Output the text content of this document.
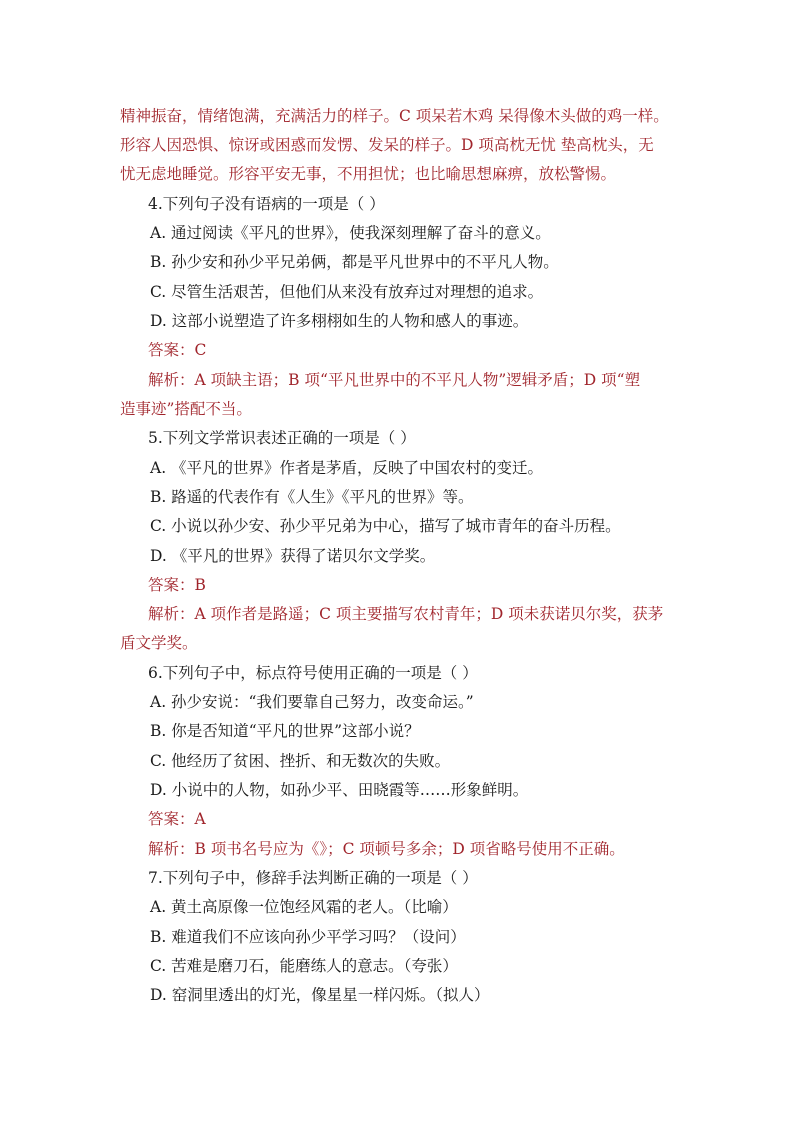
精神振奋，情绪饱满，充满活力的样子。C 项呆若木鸡 呆得像木头做的鸡一样。
形容人因恐惧、惊讶或困惑而发愣、发呆的样子。D 项高枕无忧 垫高枕头，无
忧无虑地睡觉。形容平安无事，不用担忧；也比喻思想麻痹，放松警惕。
4.下列句子没有语病的一项是（ ）
A. 通过阅读《平凡的世界》，使我深刻理解了奋斗的意义。
B. 孙少安和孙少平兄弟俩，都是平凡世界中的不平凡人物。
C. 尽管生活艰苦，但他们从来没有放弃过对理想的追求。
D. 这部小说塑造了许多栩栩如生的人物和感人的事迹。
答案：C
解析：A 项缺主语；B 项“平凡世界中的不平凡人物”逻辑矛盾；D 项“塑
造事迹”搭配不当。
5.下列文学常识表述正确的一项是（ ）
A. 《平凡的世界》作者是茅盾，反映了中国农村的变迁。
B. 路遥的代表作有《人生》《平凡的世界》等。
C. 小说以孙少安、孙少平兄弟为中心，描写了城市青年的奋斗历程。
D. 《平凡的世界》获得了诺贝尔文学奖。
答案：B
解析：A 项作者是路遥；C 项主要描写农村青年；D 项未获诺贝尔奖，获茅
盾文学奖。
6.下列句子中，标点符号使用正确的一项是（ ）
A. 孙少安说：“我们要靠自己努力，改变命运。”
B. 你是否知道“平凡的世界”这部小说？
C. 他经历了贫困、挫折、和无数次的失败。
D. 小说中的人物，如孙少平、田晓霞等……形象鲜明。
答案：A
解析：B 项书名号应为《》；C 项顿号多余；D 项省略号使用不正确。
7.下列句子中，修辞手法判断正确的一项是（ ）
A. 黄土高原像一位饱经风霜的老人。（比喻）
B. 难道我们不应该向孙少平学习吗？（设问）
C. 苦难是磨刀石，能磨练人的意志。（夸张）
D. 窑洞里透出的灯光，像星星一样闪烁。（拟人）
